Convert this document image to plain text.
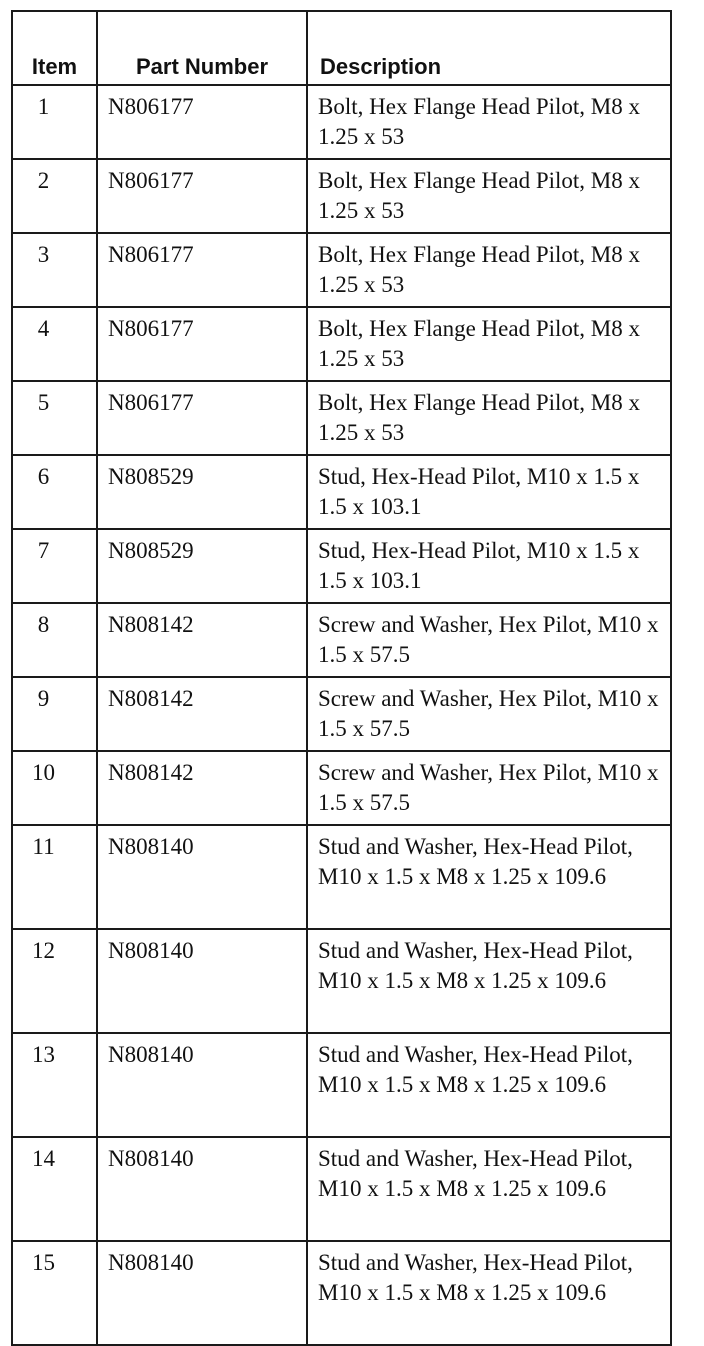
Item	Part Number	Description
1	N806177	Bolt, Hex Flange Head Pilot, M8 x 1.25 x 53
2	N806177	Bolt, Hex Flange Head Pilot, M8 x 1.25 x 53
3	N806177	Bolt, Hex Flange Head Pilot, M8 x 1.25 x 53
4	N806177	Bolt, Hex Flange Head Pilot, M8 x 1.25 x 53
5	N806177	Bolt, Hex Flange Head Pilot, M8 x 1.25 x 53
6	N808529	Stud, Hex-Head Pilot, M10 x 1.5 x 1.5 x 103.1
7	N808529	Stud, Hex-Head Pilot, M10 x 1.5 x 1.5 x 103.1
8	N808142	Screw and Washer, Hex Pilot, M10 x 1.5 x 57.5
9	N808142	Screw and Washer, Hex Pilot, M10 x 1.5 x 57.5
10	N808142	Screw and Washer, Hex Pilot, M10 x 1.5 x 57.5
11	N808140	Stud and Washer, Hex-Head Pilot, M10 x 1.5 x M8 x 1.25 x 109.6
12	N808140	Stud and Washer, Hex-Head Pilot, M10 x 1.5 x M8 x 1.25 x 109.6
13	N808140	Stud and Washer, Hex-Head Pilot, M10 x 1.5 x M8 x 1.25 x 109.6
14	N808140	Stud and Washer, Hex-Head Pilot, M10 x 1.5 x M8 x 1.25 x 109.6
15	N808140	Stud and Washer, Hex-Head Pilot, M10 x 1.5 x M8 x 1.25 x 109.6
